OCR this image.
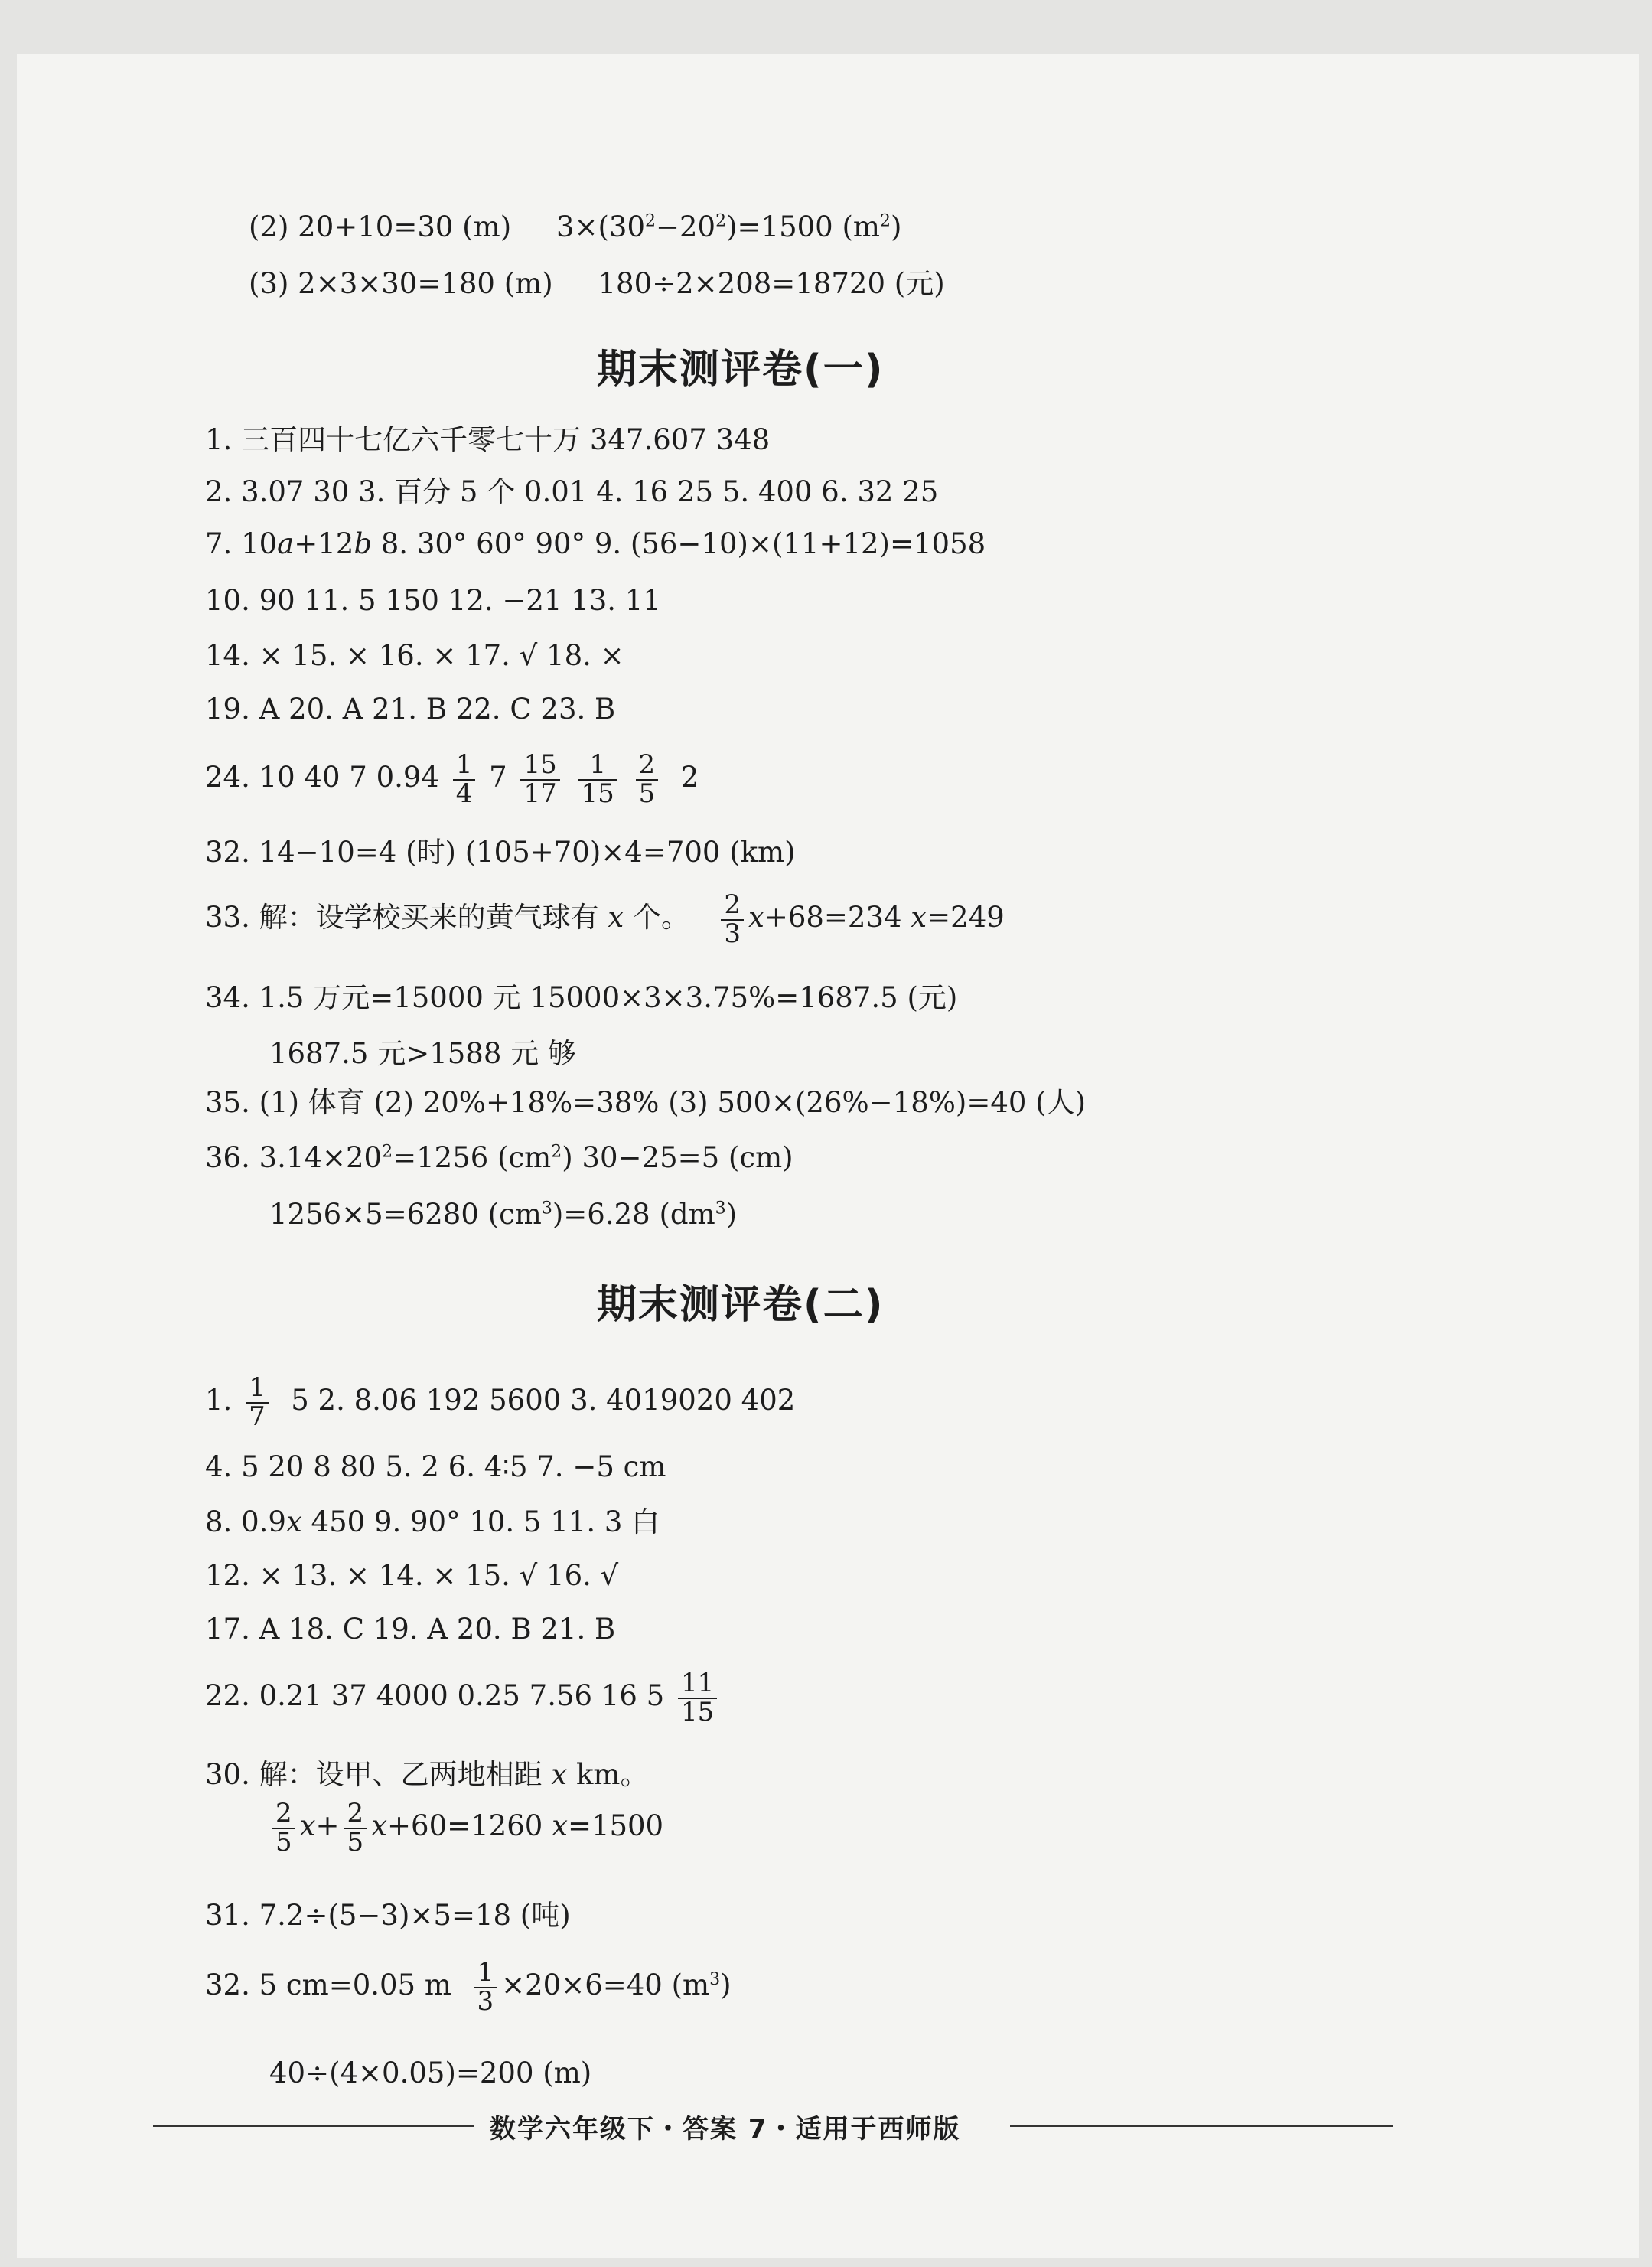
(2) 20+10=30 (m) $3\times(30^2-20^2)=1500$ $(m^2)$
(3) 2×3×30=180 (m) 180÷2×208=18720 (元)
期末测评卷(一)
1. 三百四十七亿六千零七十万 347.607 348
2. 3.07 30 3. 百分 5 个 0.01 4. 16 25 5. 400 6. 32 25
7. 10a+12b 8. 30° 60° 90° 9. (56−10)×(11+12)=1058
10. 90 11. 5 150 12. −21 13. 11
14. × 15. × 16. × 17. √ 18. ×
19. A 20. A 21. B 22. C 23. B
24. 10 40 7 $0.94 \frac{1}{4} 7 \frac{15}{17}$
$\frac{1}{15}$
$\frac{2}{5} 2$
32. 14−10=4 (时) (105+70)×4=700 (km)
33. 解：设学校买来的黄气球有 x 个。 $\frac{2}{3} x+68=234$ x=249
34. 1.5 万元=15000 元 15000×3×3.75%=1687.5 (元)
1687.5 元>1588 元 够
35. (1) 体育 (2) 20%+18%=38% (3) 500×(26%−18%)=40 (人)
36. $3.14\times 20^2=1256$ $(cm^2)$ 30−25=5 (cm)
1256×5=6280 $(cm^3)=6.28$ $(dm^3)$
期末测评卷(二)
1. $\frac{1}{7} 5$ 2. 8.06 192 5600 3. 4019020 402
4. 5 20 8 80 5. 2 6. 4∶5 7. −5 cm
8. 0.9x 450 9. 90° 10. 5 11. 3 白
12. × 13. × 14. × 15. √ 16. √
17. A 18. C 19. A 20. B 21. B
22. 0.21 37 4000 0.25 7.56 16 $5 \frac{11}{15}$
30. 解：设甲、乙两地相距 x km。
$\frac{2}{5} x+ \frac{2}{5} x+60=1260$ x=1500
31. 7.2÷(5−3)×5=18 (吨)
32. 5 cm=0.05 m $\frac{1}{3} \times 20\times 6=40$ $(m^3)$
40÷(4×0.05)=200 (m)
数学六年级下・答案 7・适用于西师版
